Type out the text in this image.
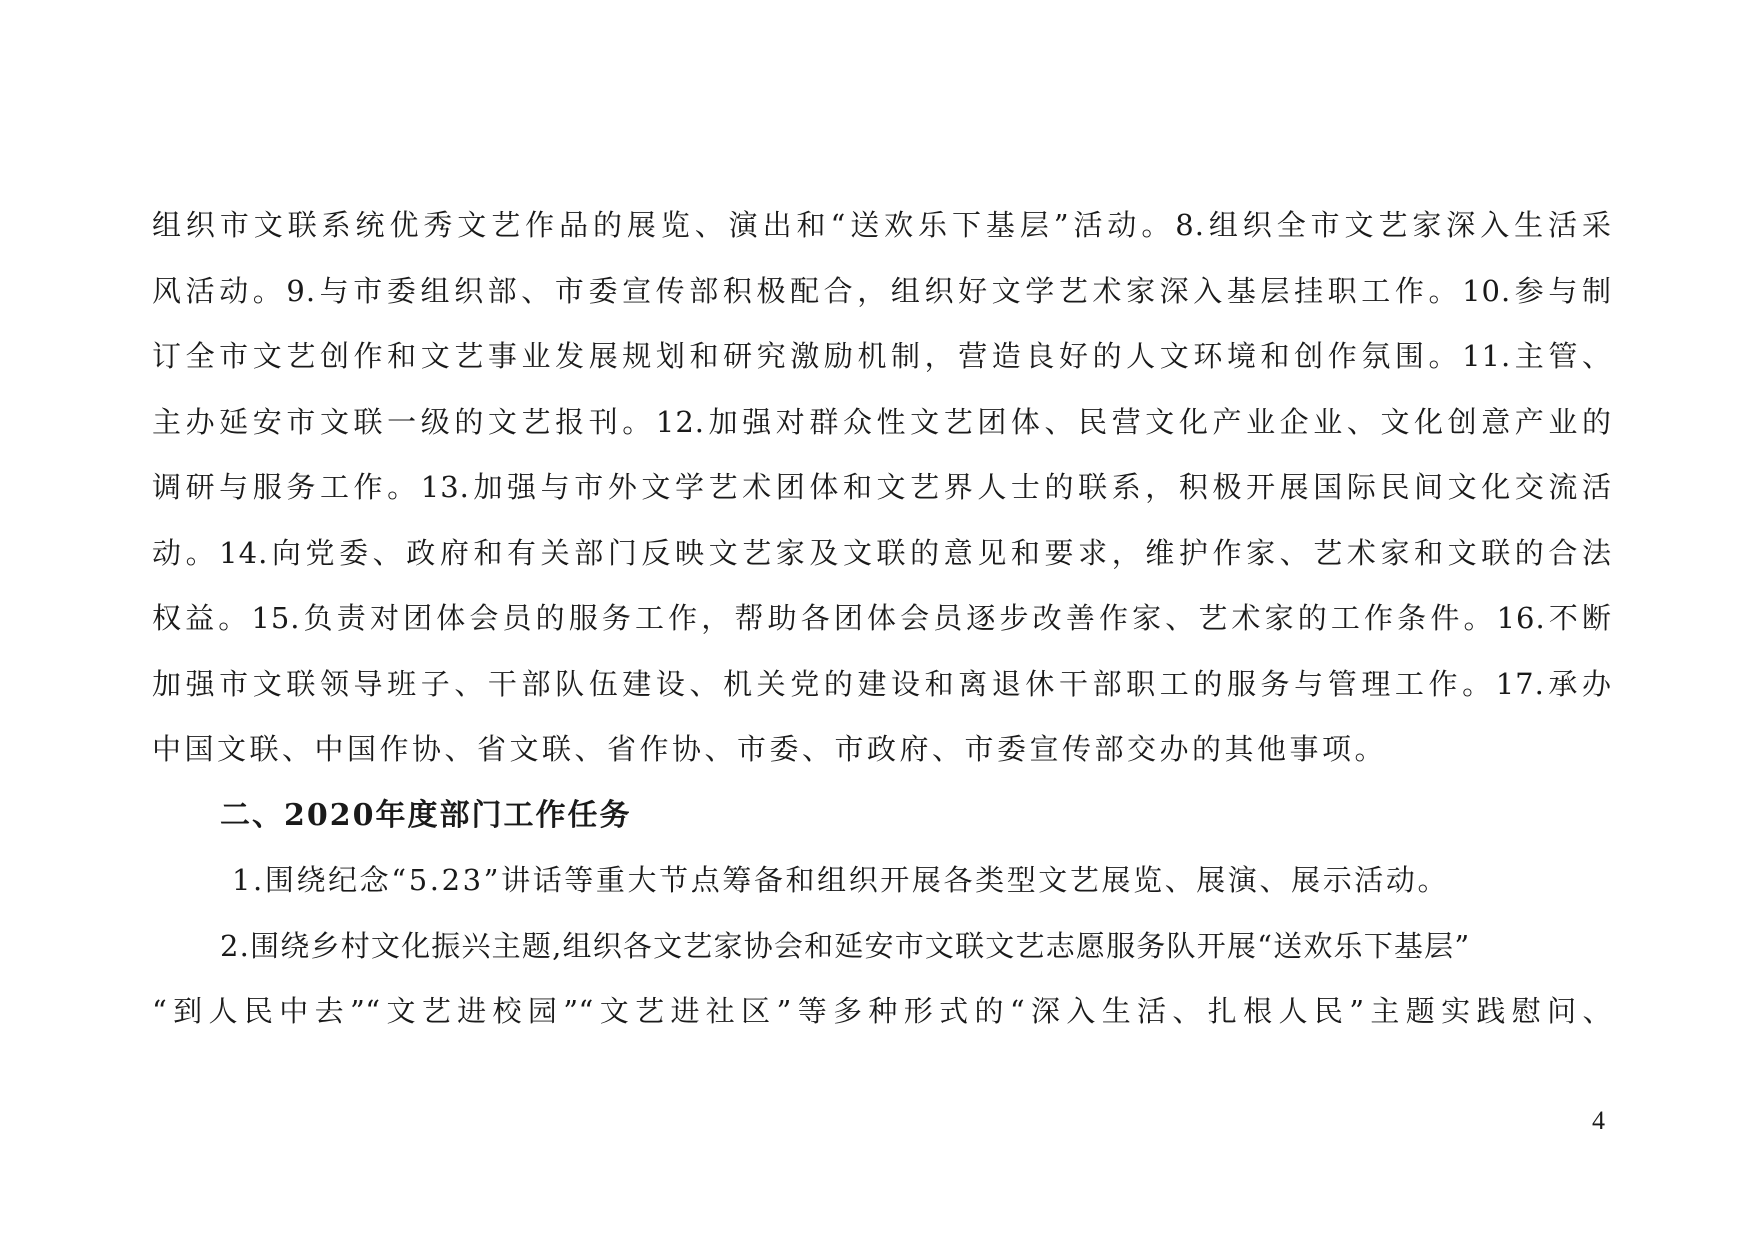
组织市文联系统优秀文艺作品的展览、演出和“送欢乐下基层”活动。8.组织全市文艺家深入生活采
风活动。9.与市委组织部、市委宣传部积极配合，组织好文学艺术家深入基层挂职工作。10.参与制
订全市文艺创作和文艺事业发展规划和研究激励机制，营造良好的人文环境和创作氛围。11.主管、
主办延安市文联一级的文艺报刊。12.加强对群众性文艺团体、民营文化产业企业、文化创意产业的
调研与服务工作。13.加强与市外文学艺术团体和文艺界人士的联系，积极开展国际民间文化交流活
动。14.向党委、政府和有关部门反映文艺家及文联的意见和要求，维护作家、艺术家和文联的合法
权益。15.负责对团体会员的服务工作，帮助各团体会员逐步改善作家、艺术家的工作条件。16.不断
加强市文联领导班子、干部队伍建设、机关党的建设和离退休干部职工的服务与管理工作。17.承办
中国文联、中国作协、省文联、省作协、市委、市政府、市委宣传部交办的其他事项。
二、2020年度部门工作任务
1.围绕纪念“5.23”讲话等重大节点筹备和组织开展各类型文艺展览、展演、展示活动。
2.围绕乡村文化振兴主题,组织各文艺家协会和延安市文联文艺志愿服务队开展“送欢乐下基层”
“到人民中去”“文艺进校园”“文艺进社区”等多种形式的“深入生活、扎根人民”主题实践慰问、
4
